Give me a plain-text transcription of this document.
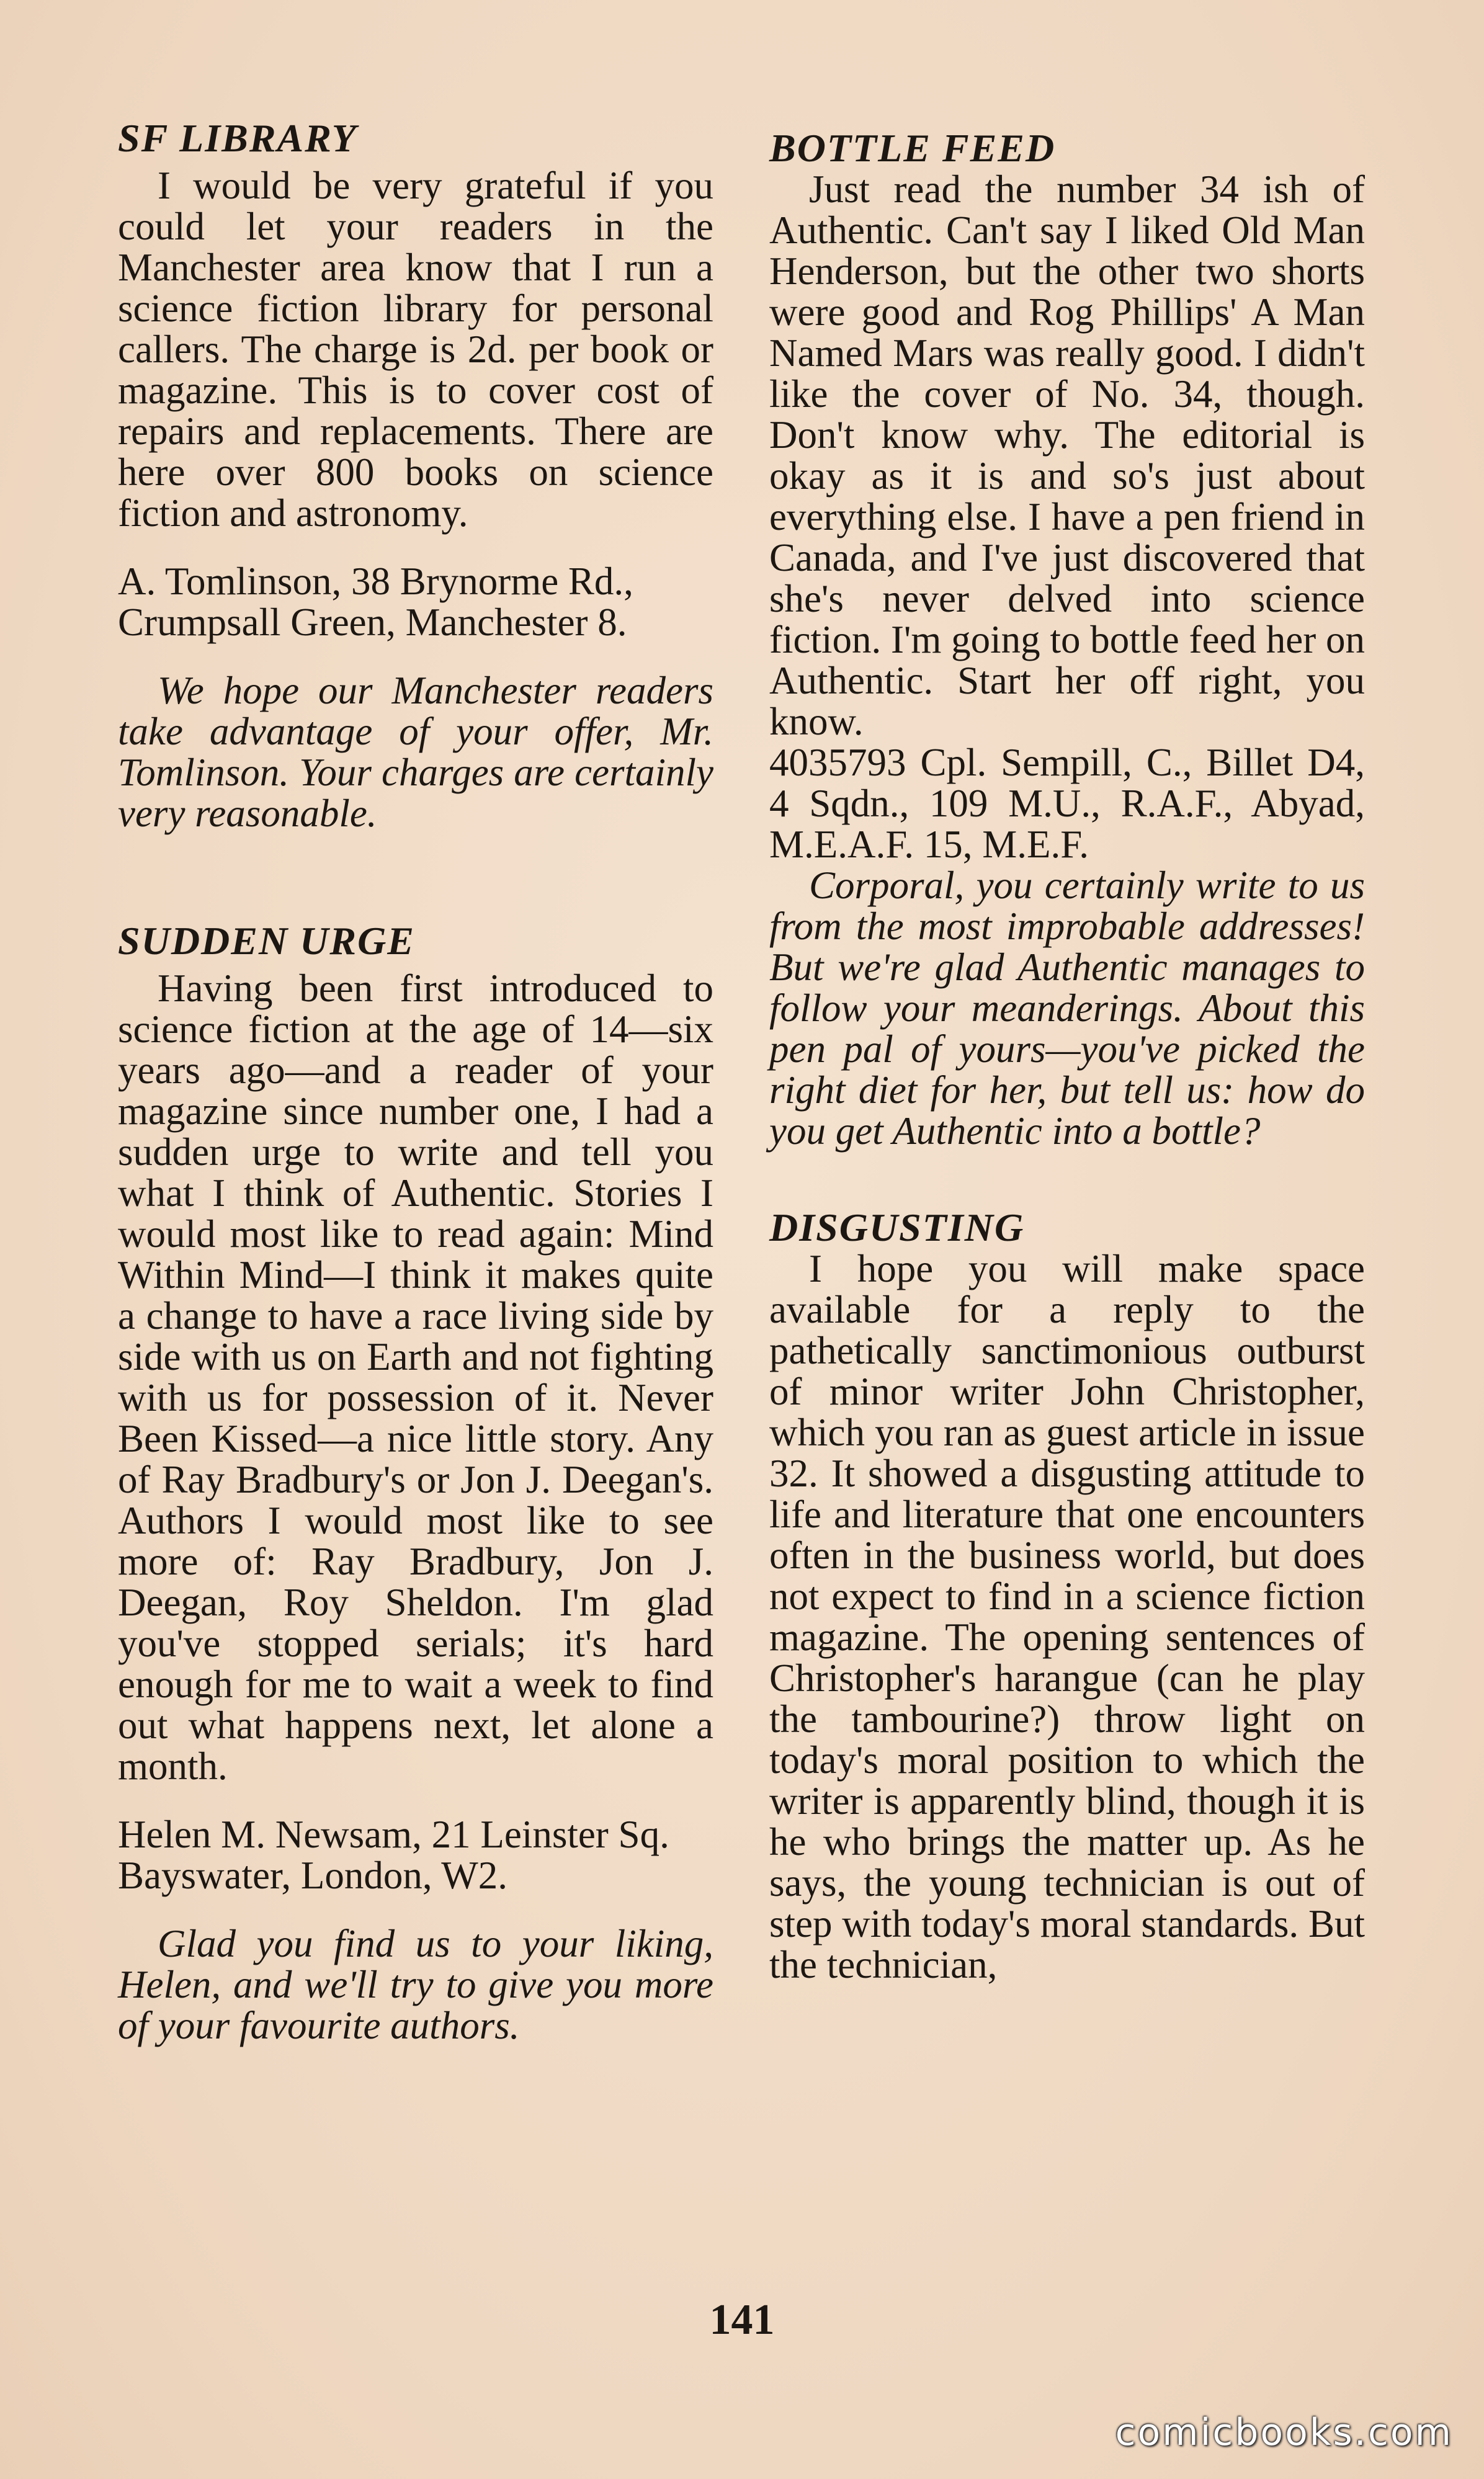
SF LIBRARY

I would be very grateful if you could let your readers in the Manchester area know that I run a science fiction library for personal callers. The charge is 2d. per book or magazine. This is to cover cost of repairs and replacements. There are here over 800 books on science fiction and astronomy.

A. Tomlinson, 38 Brynorme Rd., Crumpsall Green, Manchester 8.

We hope our Manchester readers take advantage of your offer, Mr. Tomlinson. Your charges are certainly very reasonable.

SUDDEN URGE

Having been first introduced to science fiction at the age of 14—six years ago—and a reader of your magazine since number one, I had a sudden urge to write and tell you what I think of Authentic. Stories I would most like to read again: Mind Within Mind—I think it makes quite a change to have a race living side by side with us on Earth and not fighting with us for possession of it. Never Been Kissed—a nice little story. Any of Ray Bradbury's or Jon J. Deegan's. Authors I would most like to see more of: Ray Bradbury, Jon J. Deegan, Roy Sheldon. I'm glad you've stopped serials; it's hard enough for me to wait a week to find out what happens next, let alone a month.

Helen M. Newsam, 21 Leinster Sq. Bayswater, London, W2.

Glad you find us to your liking, Helen, and we'll try to give you more of your favourite authors.

BOTTLE FEED

Just read the number 34 ish of Authentic. Can't say I liked Old Man Henderson, but the other two shorts were good and Rog Phillips' A Man Named Mars was really good. I didn't like the cover of No. 34, though. Don't know why. The editorial is okay as it is and so's just about everything else. I have a pen friend in Canada, and I've just discovered that she's never delved into science fiction. I'm going to bottle feed her on Authentic. Start her off right, you know.

4035793 Cpl. Sempill, C., Billet D4, 4 Sqdn., 109 M.U., R.A.F., Abyad, M.E.A.F. 15, M.E.F.

Corporal, you certainly write to us from the most improbable addresses! But we're glad Authentic manages to follow your meanderings. About this pen pal of yours—you've picked the right diet for her, but tell us: how do you get Authentic into a bottle?

DISGUSTING

I hope you will make space available for a reply to the pathetically sanctimonious outburst of minor writer John Christopher, which you ran as guest article in issue 32. It showed a disgusting attitude to life and literature that one encounters often in the business world, but does not expect to find in a science fiction magazine. The opening sentences of Christopher's harangue (can he play the tambourine?) throw light on today's moral position to which the writer is apparently blind, though it is he who brings the matter up. As he says, the young technician is out of step with today's moral standards. But the technician,

141
comicbooks.com
